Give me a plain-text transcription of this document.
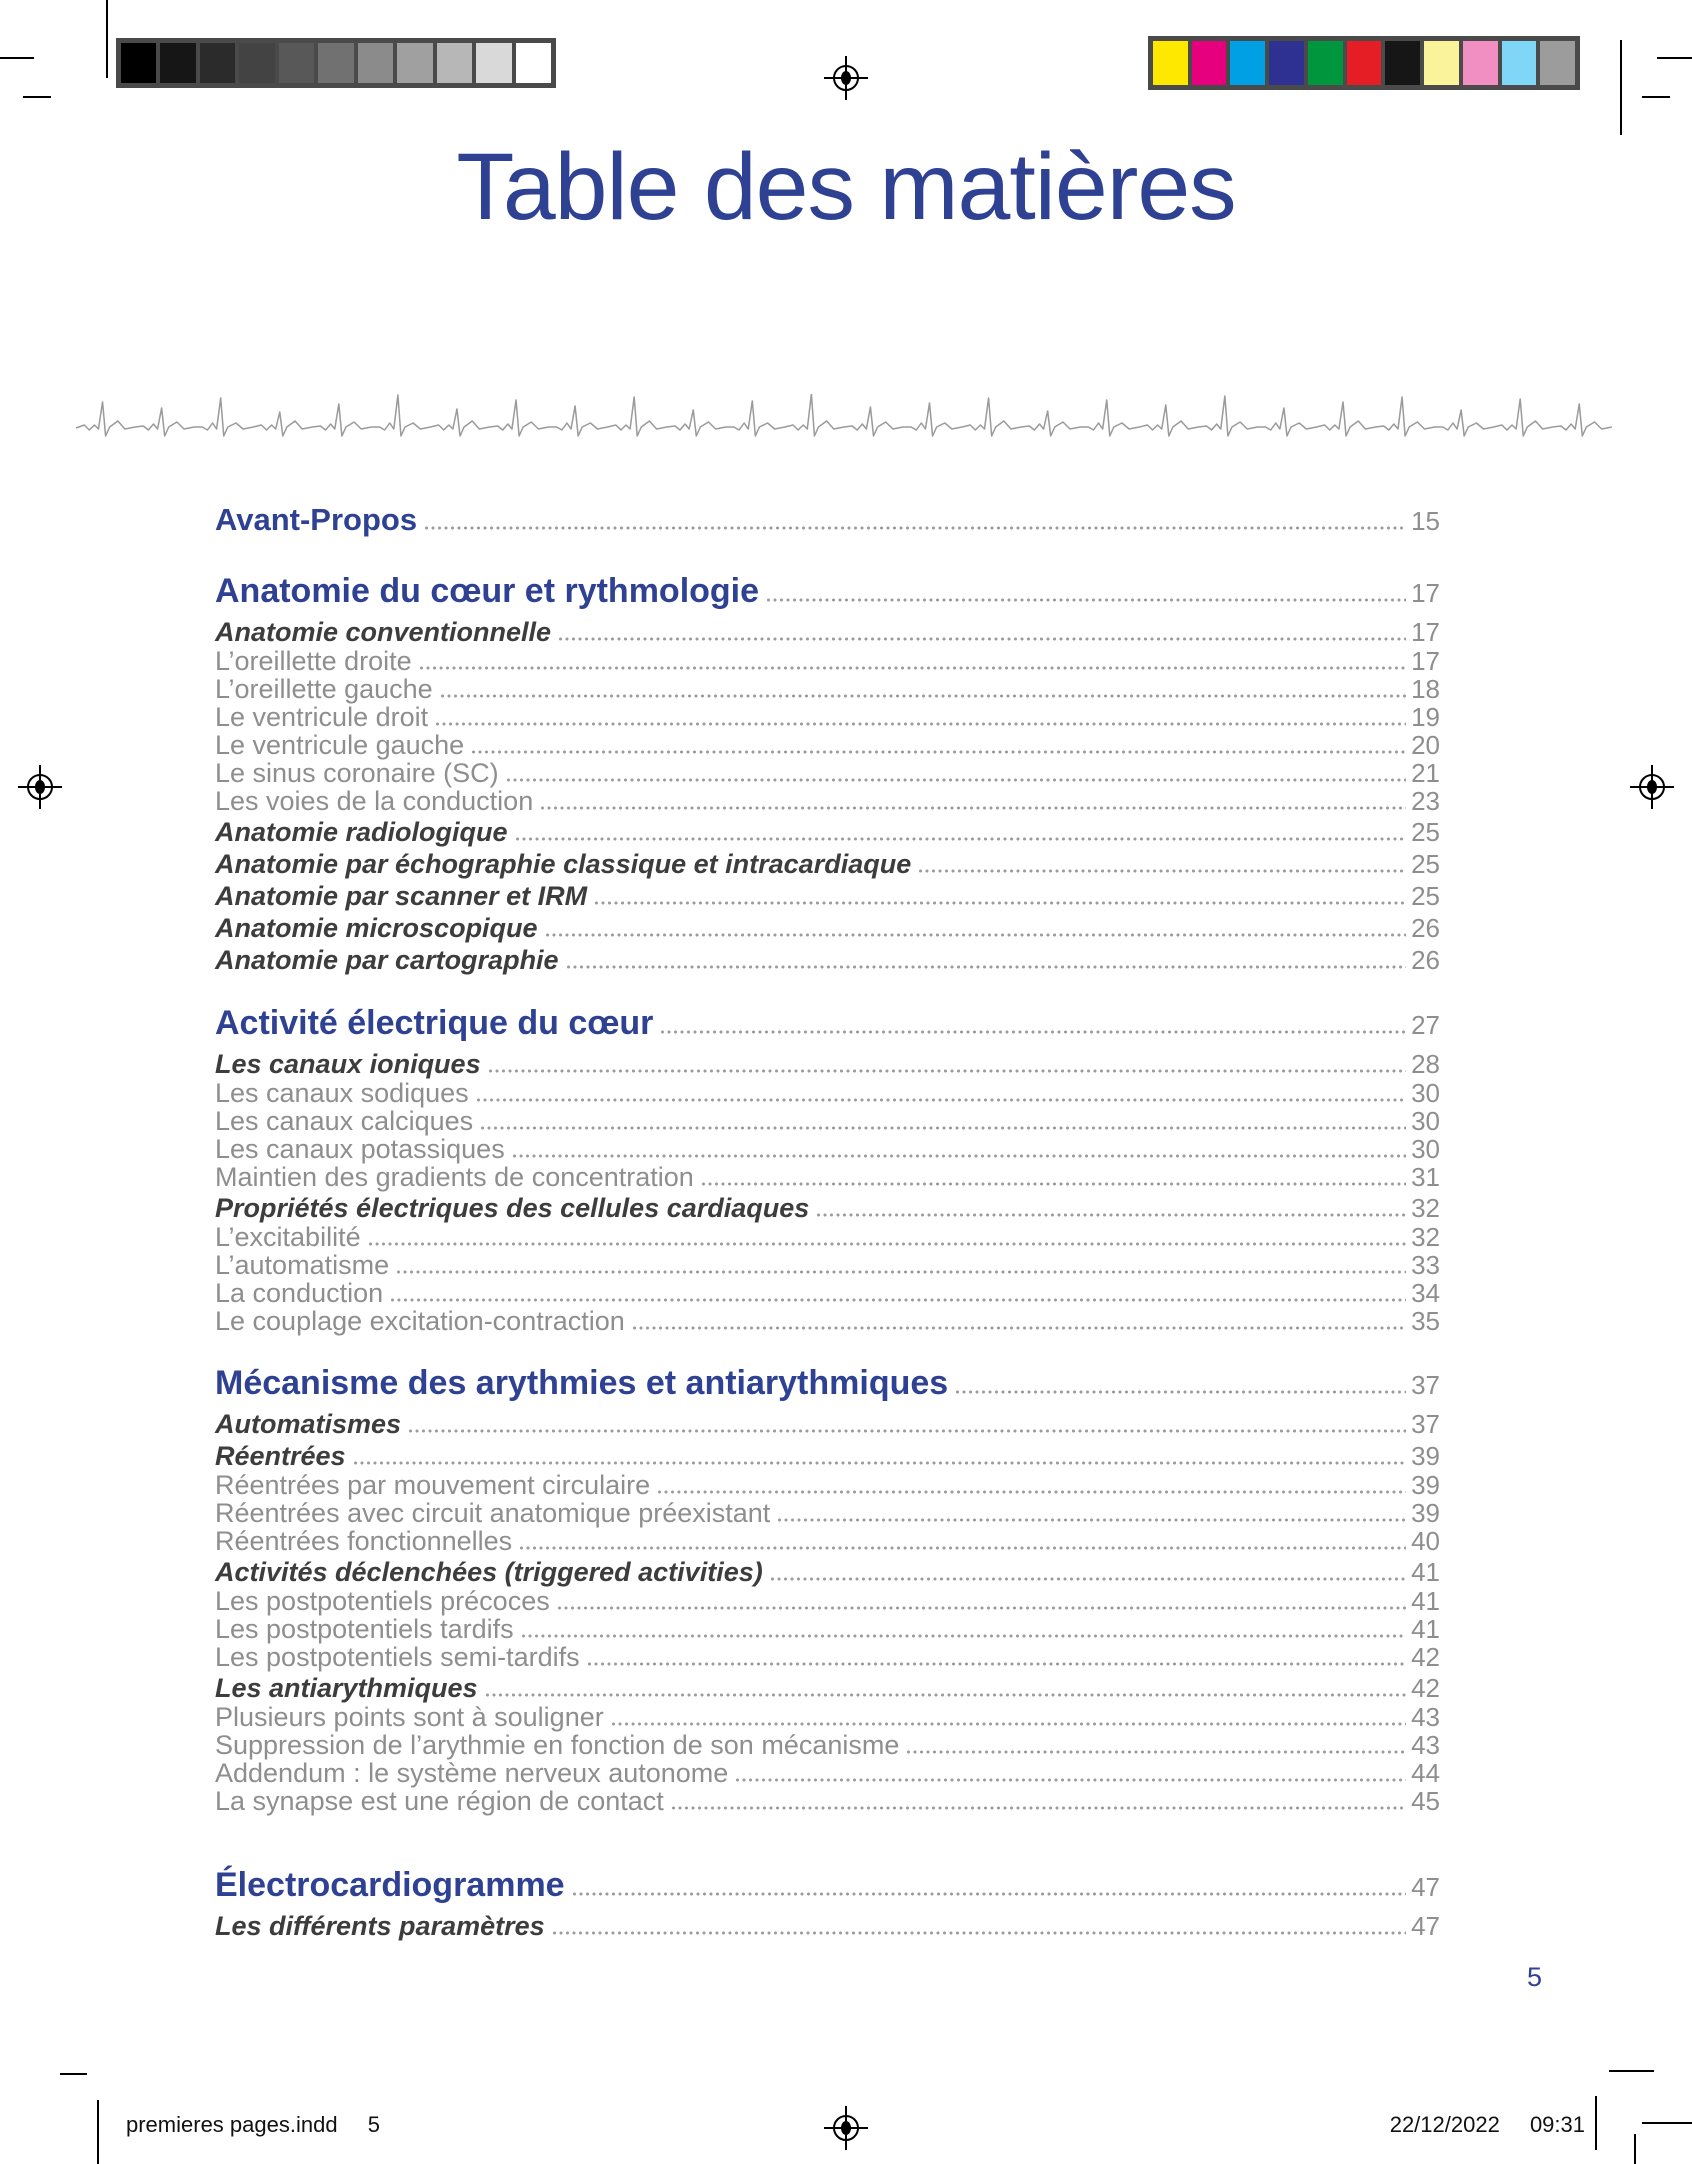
Table des matières
Avant-Propos	15
Anatomie du cœur et rythmologie	17
Anatomie conventionnelle	17
L’oreillette droite	17
L’oreillette gauche	18
Le ventricule droit	19
Le ventricule gauche	20
Le sinus coronaire (SC)	21
Les voies de la conduction	23
Anatomie radiologique	25
Anatomie par échographie classique et intracardiaque	25
Anatomie par scanner et IRM	25
Anatomie microscopique	26
Anatomie par cartographie	26
Activité électrique du cœur	27
Les canaux ioniques	28
Les canaux sodiques	30
Les canaux calciques	30
Les canaux potassiques	30
Maintien des gradients de concentration	31
Propriétés électriques des cellules cardiaques	32
L’excitabilité	32
L’automatisme	33
La conduction	34
Le couplage excitation-contraction	35
Mécanisme des arythmies et antiarythmiques	37
Automatismes	37
Réentrées	39
Réentrées par mouvement circulaire	39
Réentrées avec circuit anatomique préexistant	39
Réentrées fonctionnelles	40
Activités déclenchées (triggered activities)	41
Les postpotentiels précoces	41
Les postpotentiels tardifs	41
Les postpotentiels semi-tardifs	42
Les antiarythmiques	42
Plusieurs points sont à souligner	43
Suppression de l’arythmie en fonction de son mécanisme	43
Addendum : le système nerveux autonome	44
La synapse est une région de contact	45
Électrocardiogramme	47
Les différents paramètres	47
5
premieres pages.indd 5	22/12/2022 09:31
